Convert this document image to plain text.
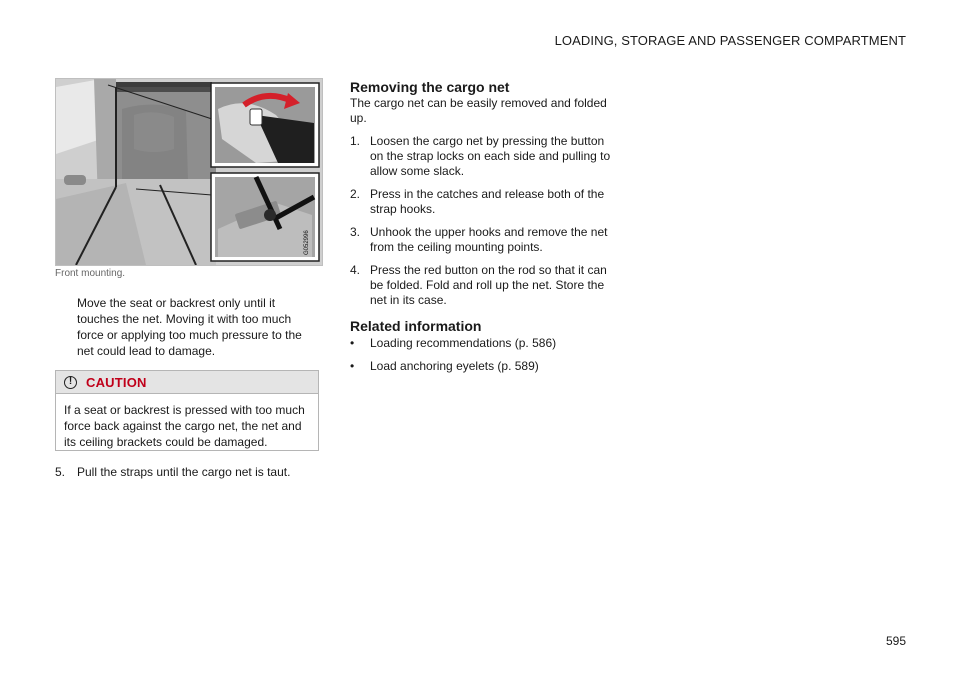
LOADING, STORAGE AND PASSENGER COMPARTMENT
G052996
Front mounting.

Move the seat or backrest only until it touches the net. Moving it with too much force or applying too much pressure to the net could lead to damage.

!	CAUTION

If a seat or backrest is pressed with too much force back against the cargo net, the net and its ceiling brackets could be damaged.

5. Pull the straps until the cargo net is taut.
Removing the cargo net

The cargo net can be easily removed and folded up.

1. Loosen the cargo net by pressing the button on the strap locks on each side and pulling to allow some slack.
2. Press in the catches and release both of the strap hooks.
3. Unhook the upper hooks and remove the net from the ceiling mounting points.
4. Press the red button on the rod so that it can be folded. Fold and roll up the net. Store the net in its case.
Related information
•	Loading recommendations (p. 586)
•	Load anchoring eyelets (p. 589)
595
